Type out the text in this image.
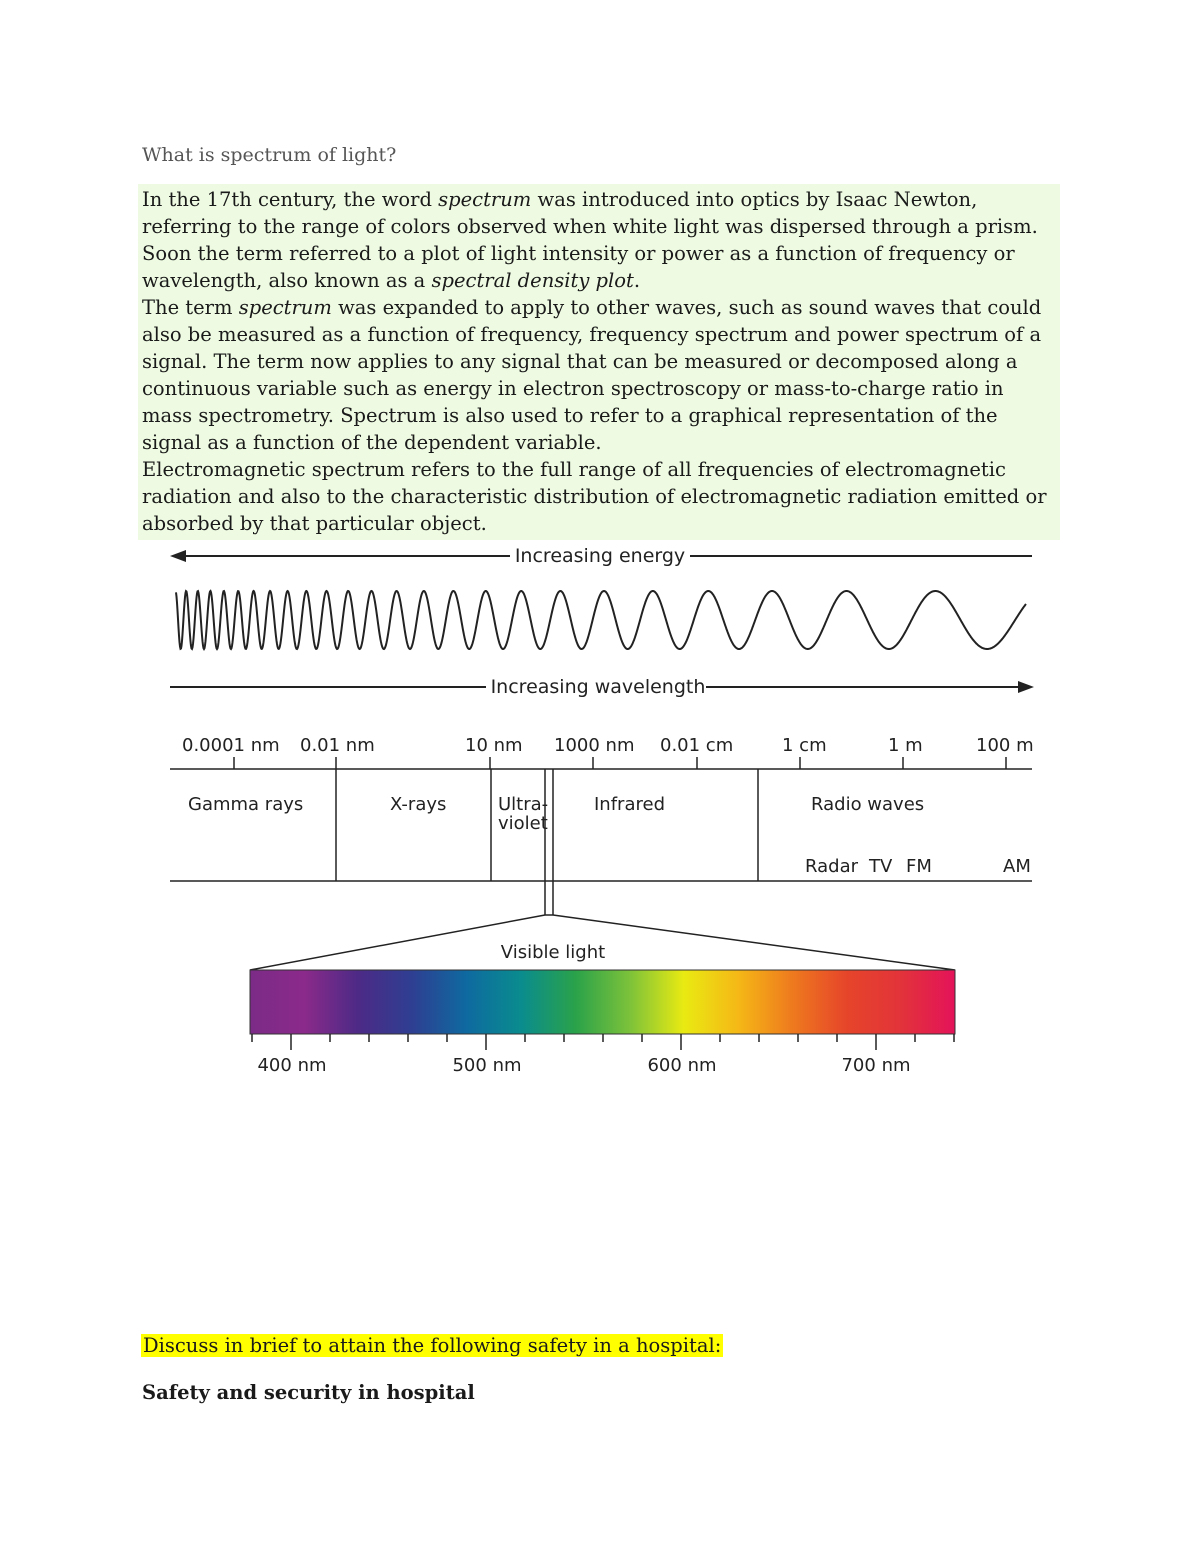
What is spectrum of light?

In the 17th century, the word spectrum was introduced into optics by Isaac Newton, referring to the range of colors observed when white light was dispersed through a prism. Soon the term referred to a plot of light intensity or power as a function of frequency or wavelength, also known as a spectral density plot.

The term spectrum was expanded to apply to other waves, such as sound waves that could also be measured as a function of frequency, frequency spectrum and power spectrum of a signal. The term now applies to any signal that can be measured or decomposed along a continuous variable such as energy in electron spectroscopy or mass-to-charge ratio in mass spectrometry. Spectrum is also used to refer to a graphical representation of the signal as a function of the dependent variable.

Electromagnetic spectrum refers to the full range of all frequencies of electromagnetic radiation and also to the characteristic distribution of electromagnetic radiation emitted or absorbed by that particular object.

Increasing energy
Increasing wavelength
0.0001 nm 0.01 nm	10 nm 1000 nm 0.01 cm	1 cm	1 m	100 m
Gamma rays	X-rays	Ultra-
violet
Infrared	Radio waves
Radar TV FM	AM
Visible light
400 nm	500 nm	600 nm	700 nm
Discuss in brief to attain the following safety in a hospital:
Safety and security in hospital
